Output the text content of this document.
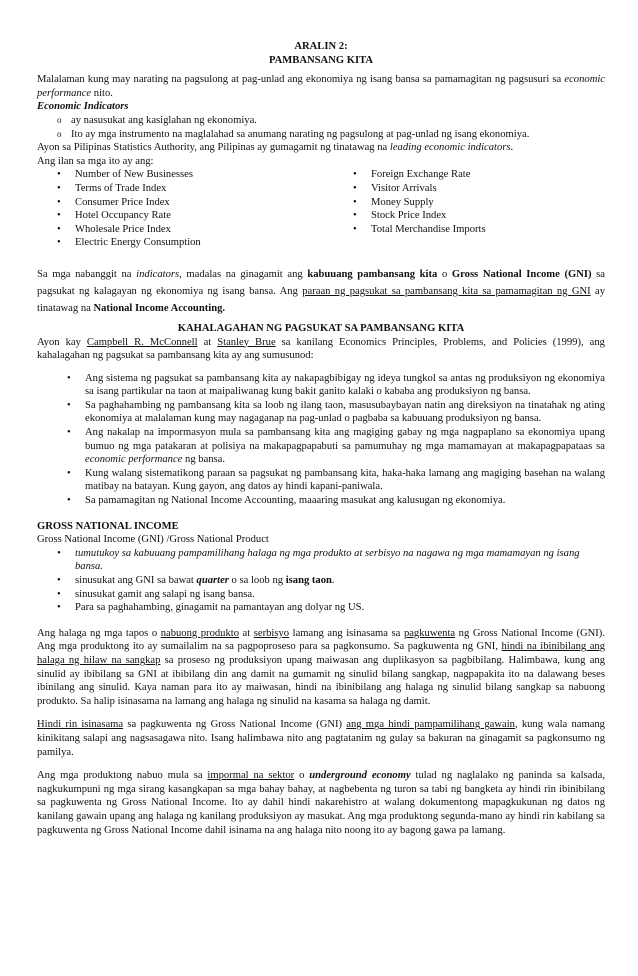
ARALIN 2:

PAMBANSANG KITA

Malalaman kung may narating na pagsulong at pag-unlad ang ekonomiya ng isang bansa sa pamamagitan ng pagsusuri sa economic performance nito.

Economic Indicators

o ay nasusukat ang kasiglahan ng ekonomiya.
o Ito ay mga instrumento na maglalahad sa anumang narating ng pagsulong at pag-unlad ng isang ekonomiya.

Ayon sa Pilipinas Statistics Authority, ang Pilipinas ay gumagamit ng tinatawag na leading economic indicators.

Ang ilan sa mga ito ay ang:

• Number of New Businesses
• Terms of Trade Index
• Consumer Price Index
• Hotel Occupancy Rate
• Wholesale Price Index
• Electric Energy Consumption
• Foreign Exchange Rate
• Visitor Arrivals
• Money Supply
• Stock Price Index
• Total Merchandise Imports

Sa mga nabanggit na indicators, madalas na ginagamit ang kabuuang pambansang kita o Gross National Income (GNI) sa pagsukat ng kalagayan ng ekonomiya ng isang bansa. Ang paraan ng pagsukat sa pambansang kita sa pamamagitan ng GNI ay tinatawag na National Income Accounting.

KAHALAGAHAN NG PAGSUKAT SA PAMBANSANG KITA

Ayon kay Campbell R. McConnell at Stanley Brue sa kanilang Economics Principles, Problems, and Policies (1999), ang kahalagahan ng pagsukat sa pambansang kita ay ang sumusunod:

• Ang sistema ng pagsukat sa pambansang kita ay nakapagbibigay ng ideya tungkol sa antas ng produksiyon ng ekonomiya sa isang partikular na taon at maipaliwanag kung bakit ganito kalaki o kababa ang produksiyon ng bansa.
• Sa paghahambing ng pambansang kita sa loob ng ilang taon, masusubaybayan natin ang direksiyon na tinatahak ng ating ekonomiya at malalaman kung may nagaganap na pag-unlad o pagbaba sa kabuuang produksiyon ng bansa.
• Ang nakalap na impormasyon mula sa pambansang kita ang magiging gabay ng mga nagpaplano sa ekonomiya upang bumuo ng mga patakaran at polisiya na makapagpapabuti sa pamumuhay ng mga mamamayan at makapagpapataas sa economic performance ng bansa.
• Kung walang sistematikong paraan sa pagsukat ng pambansang kita, haka-haka lamang ang magiging basehan na walang matibay na batayan. Kung gayon, ang datos ay hindi kapani-paniwala.
• Sa pamamagitan ng National Income Accounting, maaaring masukat ang kalusugan ng ekonomiya.

GROSS NATIONAL INCOME

Gross National Income (GNI) /Gross National Product

• tumutukoy sa kabuuang pampamilihang halaga ng mga produkto at serbisyo na nagawa ng mga mamamayan ng isang bansa.
• sinusukat ang GNI sa bawat quarter o sa loob ng isang taon.
• sinusukat gamit ang salapi ng isang bansa.
• Para sa paghahambing, ginagamit na pamantayan ang dolyar ng US.

Ang halaga ng mga tapos o nabuong produkto at serbisyo lamang ang isinasama sa pagkuwenta ng Gross National Income (GNI). Ang mga produktong ito ay sumailalim na sa pagpoproseso para sa pagkonsumo. Sa pagkuwenta ng GNI, hindi na ibinibilang ang halaga ng hilaw na sangkap sa proseso ng produksiyon upang maiwasan ang duplikasyon sa pagbibilang. Halimbawa, kung ang sinulid ay ibibilang sa GNI at ibibilang din ang damit na gumamit ng sinulid bilang sangkap, nagpapakita ito na dalawang beses ibinilang ang sinulid. Kaya naman para ito ay maiwasan, hindi na ibinibilang ang halaga ng sinulid bilang sangkap sa nabuong produkto. Sa halip isinasama na lamang ang halaga ng sinulid na kasama sa halaga ng damit.

Hindi rin isinasama sa pagkuwenta ng Gross National Income (GNI) ang mga hindi pampamilihang gawain, kung wala namang kinikitang salapi ang nagsasagawa nito. Isang halimbawa nito ang pagtatanim ng gulay sa bakuran na ginagamit sa pagkonsumo ng pamilya.

Ang mga produktong nabuo mula sa impormal na sektor o underground economy tulad ng naglalako ng paninda sa kalsada, nagkukumpuni ng mga sirang kasangkapan sa mga bahay bahay, at nagbebenta ng turon sa tabi ng bangketa ay hindi rin ibinibilang sa pagkuwenta ng Gross National Income. Ito ay dahil hindi nakarehistro at walang dokumentong mapagkukunan ng datos ng kanilang gawain upang ang halaga ng kanilang produksiyon ay masukat. Ang mga produktong segunda-mano ay hindi rin kabilang sa pagkuwenta ng Gross National Income dahil isinama na ang halaga nito noong ito ay bagong gawa pa lamang.
